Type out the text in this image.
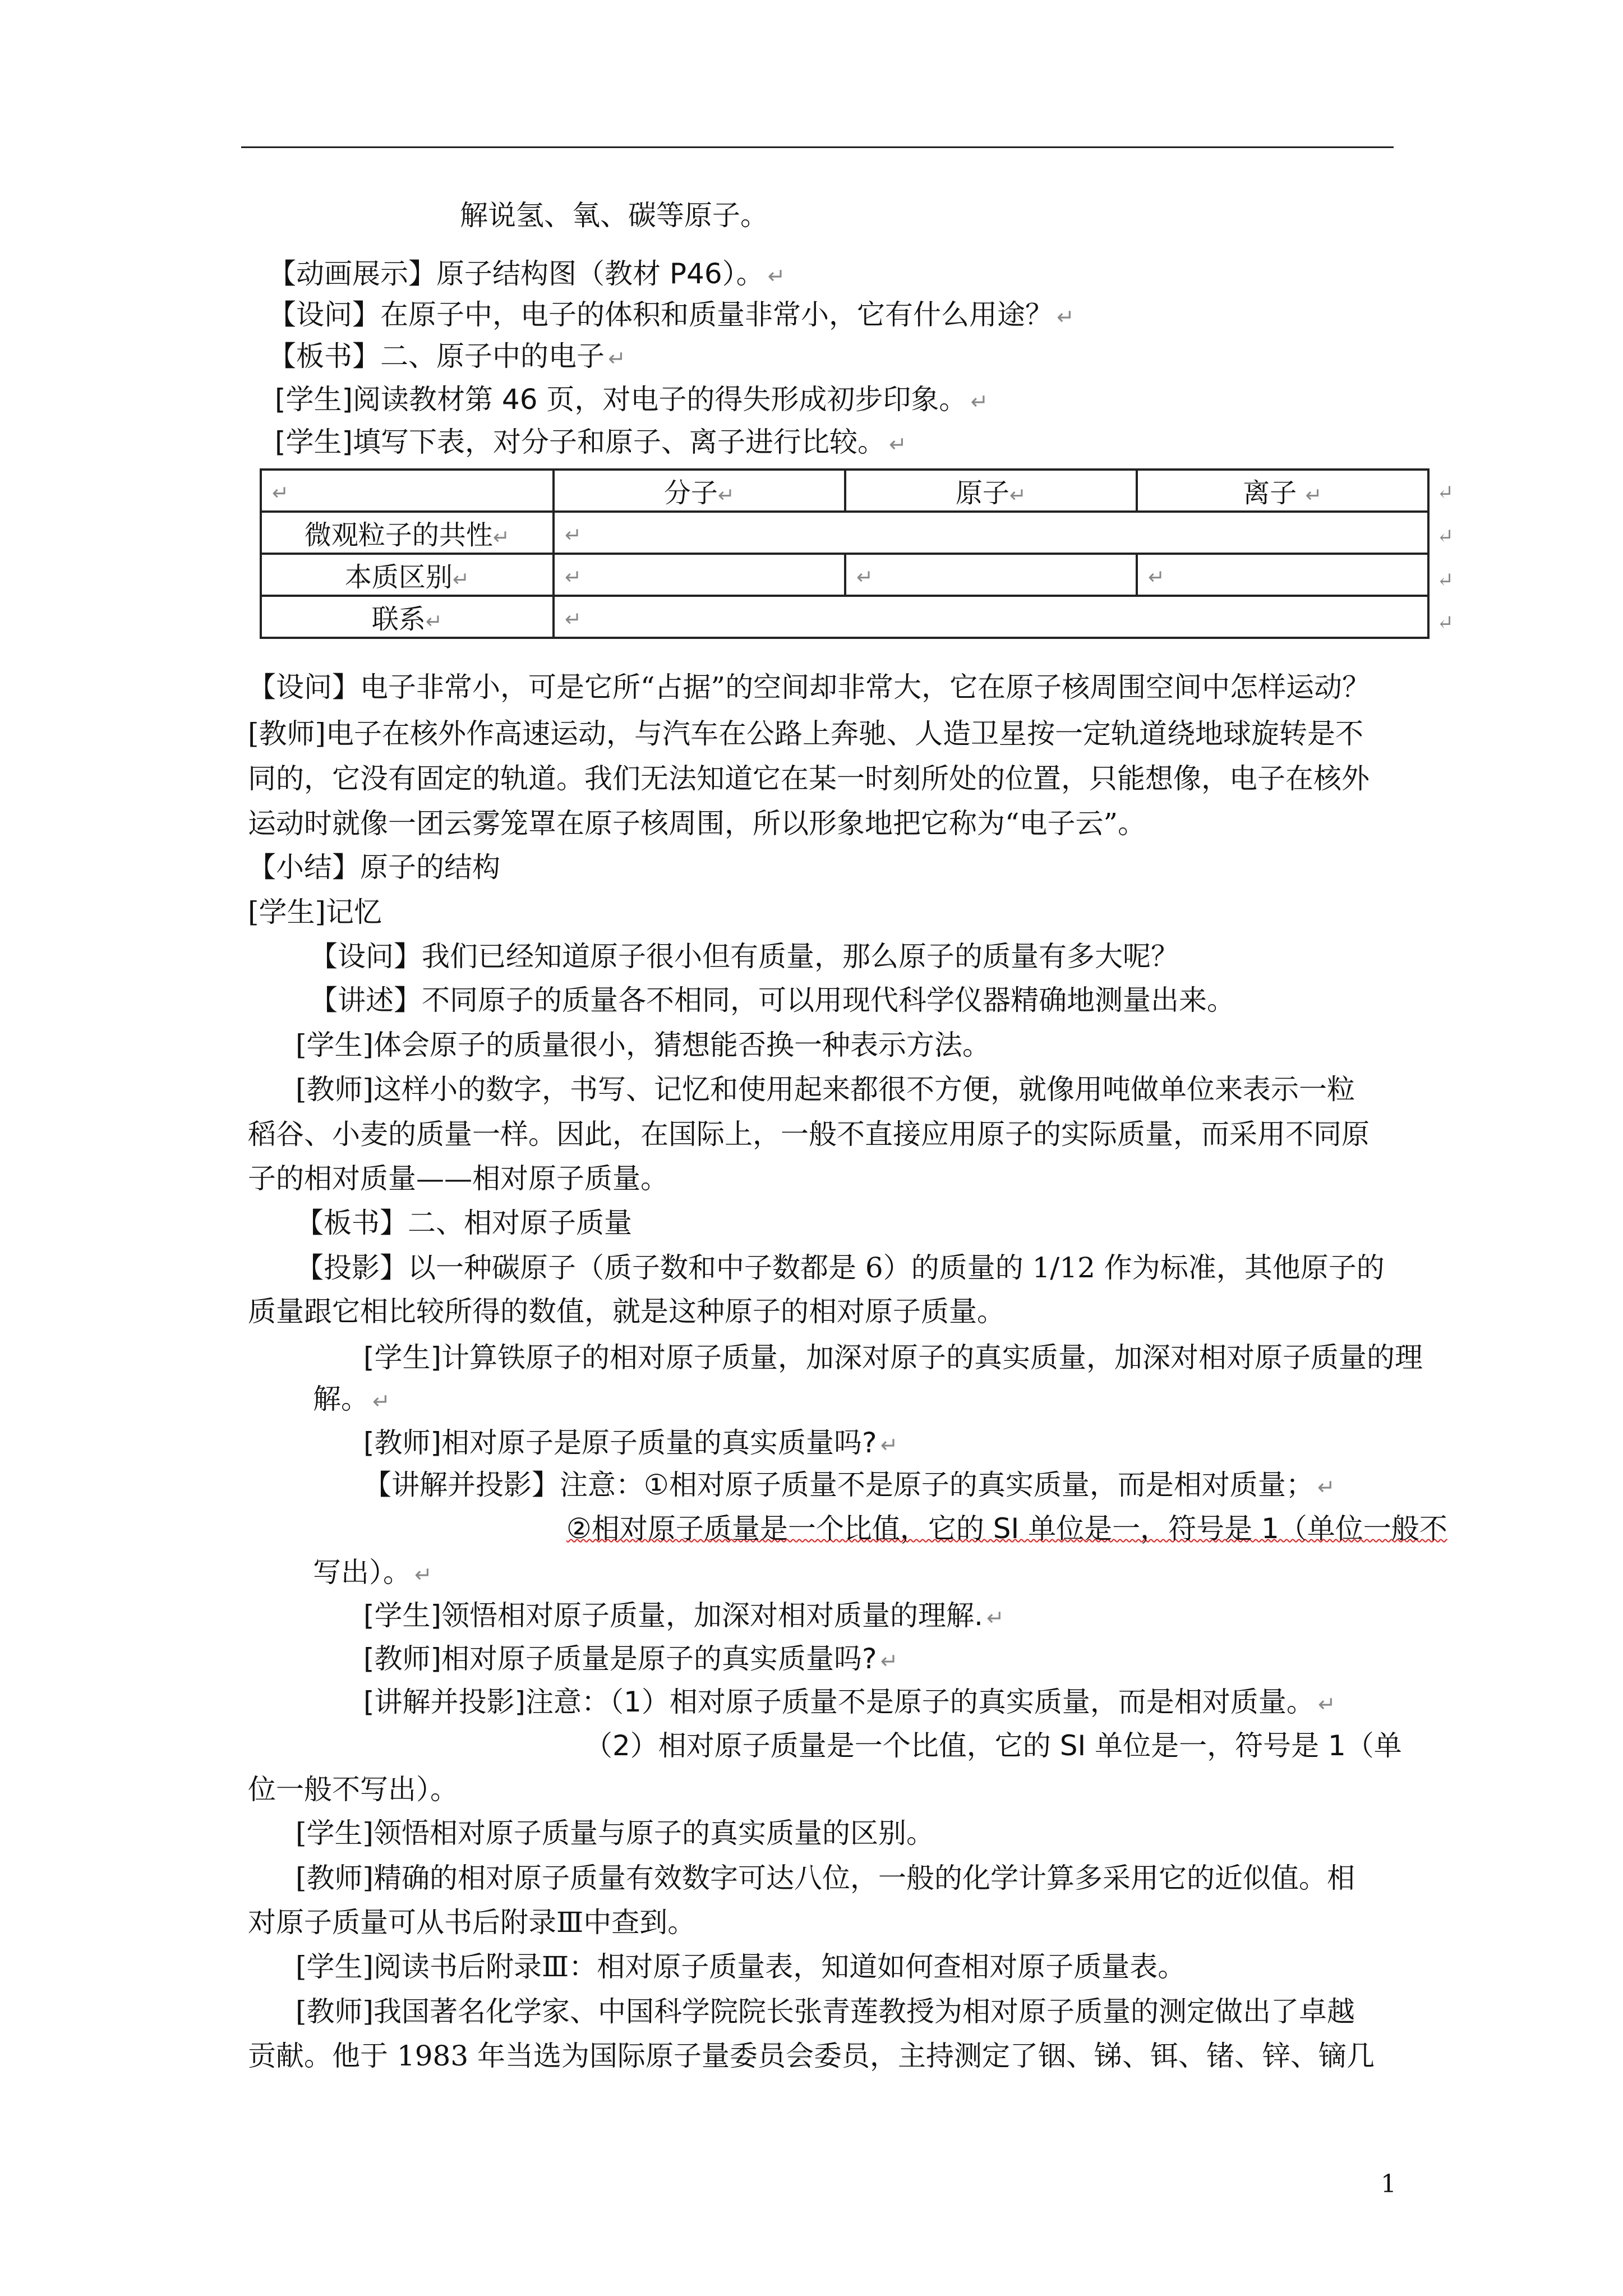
解说氢、氧、碳等原子。
【动画展示】原子结构图（教材 P46）。 ↵
【设问】在原子中，电子的体积和质量非常小，它有什么用途？ ↵
【板书】二、原子中的电子 ↵
[学生]阅读教材第 46 页，对电子的得失形成初步印象。 ↵
[学生]填写下表，对分子和原子、离子进行比较。 ↵
↵	分子↵	原子↵	离子 ↵
微观粒子的共性↵	↵		
本质区别↵	↵	↵	↵
联系↵	↵		
↵
↵
↵
↵
【设问】电子非常小，可是它所“占据”的空间却非常大，它在原子核周围空间中怎样运动？
[教师]电子在核外作高速运动，与汽车在公路上奔驰、人造卫星按一定轨道绕地球旋转是不
同的，它没有固定的轨道。我们无法知道它在某一时刻所处的位置，只能想像，电子在核外
运动时就像一团云雾笼罩在原子核周围，所以形象地把它称为“电子云”。
【小结】原子的结构
[学生]记忆
【设问】我们已经知道原子很小但有质量，那么原子的质量有多大呢？
【讲述】不同原子的质量各不相同，可以用现代科学仪器精确地测量出来。
[学生]体会原子的质量很小，猜想能否换一种表示方法。
[教师]这样小的数字，书写、记忆和使用起来都很不方便，就像用吨做单位来表示一粒
稻谷、小麦的质量一样。因此，在国际上，一般不直接应用原子的实际质量，而采用不同原
子的相对质量——相对原子质量。
【板书】二、相对原子质量
【投影】以一种碳原子（质子数和中子数都是 6）的质量的 1/12 作为标准，其他原子的
质量跟它相比较所得的数值，就是这种原子的相对原子质量。
[学生]计算铁原子的相对原子质量，加深对原子的真实质量，加深对相对原子质量的理
解。 ↵
[教师]相对原子是原子质量的真实质量吗? ↵
【讲解并投影】注意：①相对原子质量不是原子的真实质量，而是相对质量； ↵
②相对原子质量是一个比值，它的 SI 单位是一，符号是 1（单位一般不
写出）。 ↵
[学生]领悟相对原子质量，加深对相对质量的理解. ↵
[教师]相对原子质量是原子的真实质量吗? ↵
[讲解并投影]注意：（1）相对原子质量不是原子的真实质量，而是相对质量。 ↵
（2）相对原子质量是一个比值，它的 SI 单位是一，符号是 1（单
位一般不写出）。
[学生]领悟相对原子质量与原子的真实质量的区别。
[教师]精确的相对原子质量有效数字可达八位，一般的化学计算多采用它的近似值。相
对原子质量可从书后附录Ⅲ中查到。
[学生]阅读书后附录Ⅲ：相对原子质量表，知道如何查相对原子质量表。
[教师]我国著名化学家、中国科学院院长张青莲教授为相对原子质量的测定做出了卓越
贡献。他于 1983 年当选为国际原子量委员会委员，主持测定了铟、锑、铒、锗、锌、镝几
1
